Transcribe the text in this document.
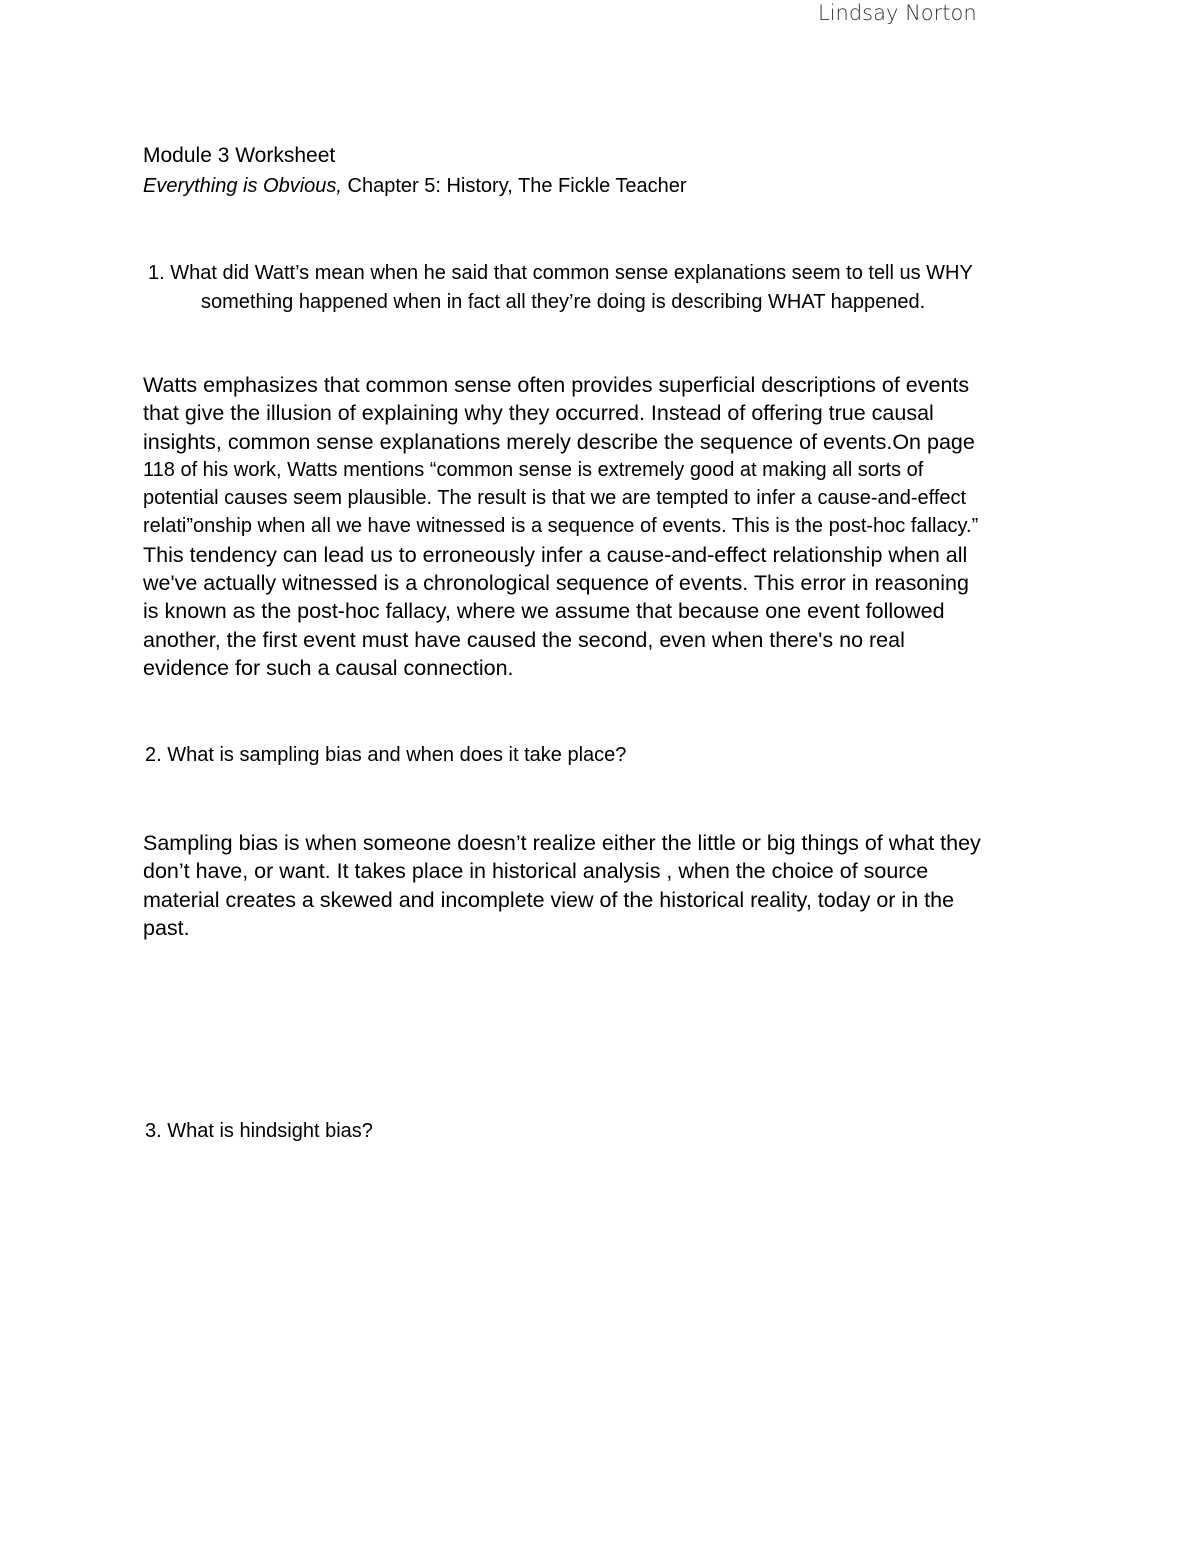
Lindsay Norton
Module 3 Worksheet
Everything is Obvious, Chapter 5: History, The Fickle Teacher
1. What did Watt’s mean when he said that common sense explanations seem to tell us WHY
something happened when in fact all they’re doing is describing WHAT happened.
Watts emphasizes that common sense often provides superficial descriptions of events
that give the illusion of explaining why they occurred. Instead of offering true causal
insights, common sense explanations merely describe the sequence of events.On page
118 of his work, Watts mentions “common sense is extremely good at making all sorts of
potential causes seem plausible. The result is that we are tempted to infer a cause-and-effect
relati”onship when all we have witnessed is a sequence of events. This is the post-hoc fallacy.”
This tendency can lead us to erroneously infer a cause-and-effect relationship when all
we've actually witnessed is a chronological sequence of events. This error in reasoning
is known as the post-hoc fallacy, where we assume that because one event followed
another, the first event must have caused the second, even when there's no real
evidence for such a causal connection.
2. What is sampling bias and when does it take place?
Sampling bias is when someone doesn’t realize either the little or big things of what they
don’t have, or want. It takes place in historical analysis , when the choice of source
material creates a skewed and incomplete view of the historical reality, today or in the
past.
3. What is hindsight bias?
